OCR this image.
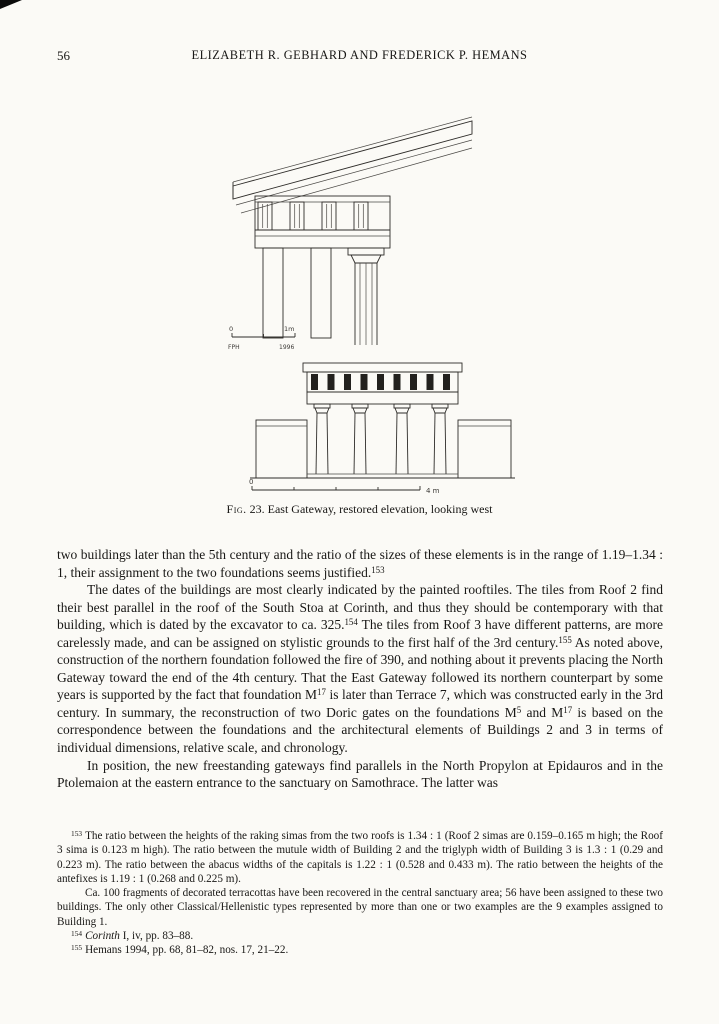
56	ELIZABETH R. GEBHARD AND FREDERICK P. HEMANS
0	1m
FPH	1996
0
4 m
Fig. 23. East Gateway, restored elevation, looking west

two buildings later than the 5th century and the ratio of the sizes of these elements is in the range of 1.19–1.34 : 1, their assignment to the two foundations seems justified.$^{153}$

The dates of the buildings are most clearly indicated by the painted rooftiles. The tiles from Roof 2 find their best parallel in the roof of the South Stoa at Corinth, and thus they should be contemporary with that building, which is dated by the excavator to ca. 325.$^{154}$ The tiles from Roof 3 have different patterns, are more carelessly made, and can be assigned on stylistic grounds to the first half of the 3rd century.$^{155}$ As noted above, construction of the northern foundation followed the fire of 390, and nothing about it prevents placing the North Gateway toward the end of the 4th century. That the East Gateway followed its northern counterpart by some years is supported by the fact that foundation $M^{17}$ is later than Terrace 7, which was constructed early in the 3rd century. In summary, the reconstruction of two Doric gates on the foundations $M^5$ and $M^{17}$ is based on the correspondence between the foundations and the architectural elements of Buildings 2 and 3 in terms of individual dimensions, relative scale, and chronology.

In position, the new freestanding gateways find parallels in the North Propylon at Epidauros and in the Ptolemaion at the eastern entrance to the sanctuary on Samothrace. The latter was

$^{153}$ The ratio between the heights of the raking simas from the two roofs is 1.34 : 1 (Roof 2 simas are 0.159–0.165 m high; the Roof 3 sima is 0.123 m high). The ratio between the mutule width of Building 2 and the triglyph width of Building 3 is 1.3 : 1 (0.29 and 0.223 m). The ratio between the abacus widths of the capitals is 1.22 : 1 (0.528 and 0.433 m). The ratio between the heights of the antefixes is 1.19 : 1 (0.268 and 0.225 m).

Ca. 100 fragments of decorated terracottas have been recovered in the central sanctuary area; 56 have been assigned to these two buildings. The only other Classical/Hellenistic types represented by more than one or two examples are the 9 examples assigned to Building 1.

$^{154}$ Corinth I, iv, pp. 83–88.

$^{155}$ Hemans 1994, pp. 68, 81–82, nos. 17, 21–22.
